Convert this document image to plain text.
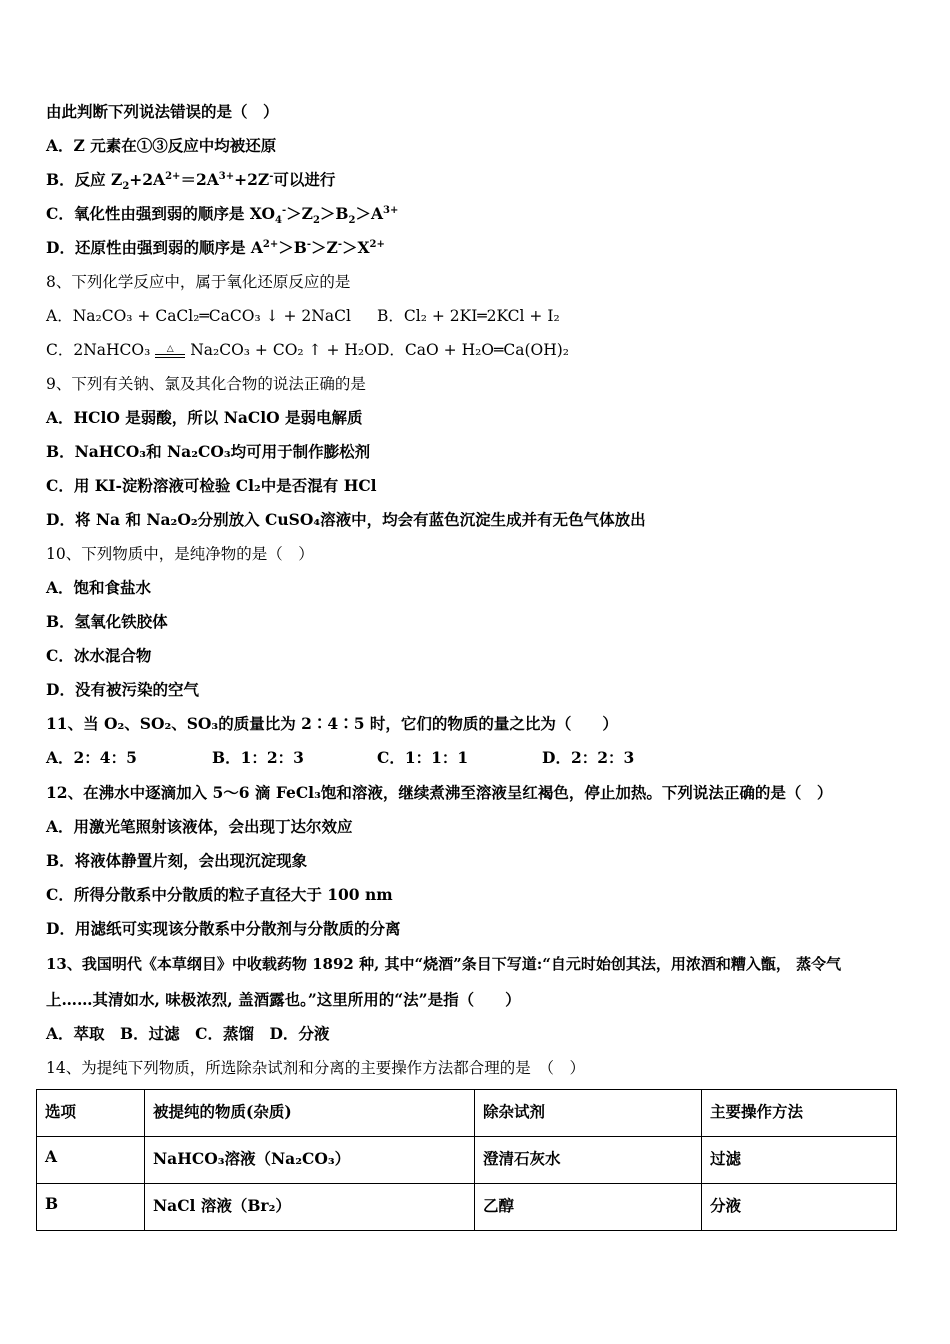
由此判断下列说法错误的是（　）
A．Z 元素在①③反应中均被还原
B．反应 $Z_2+2A^{2+}=2A^{3+}+2Z^-$可以进行
C．氧化性由强到弱的顺序是 $XO_4^->Z_2>B_2>A^{3+}$
D．还原性由强到弱的顺序是 $A^{2+}>B^->Z^->X^{2+}$
8、下列化学反应中，属于氧化还原反应的是
A．Na₂CO₃ + CaCl₂═CaCO₃ ↓ + 2NaCl B．Cl₂ + 2KI═2KCl + I₂
C．2NaHCO₃	△	Na₂CO₃ + CO₂ ↑ + H₂O D．CaO + H₂O═Ca(OH)₂
9、下列有关钠、氯及其化合物的说法正确的是
A．HClO 是弱酸，所以 NaClO 是弱电解质
B．NaHCO₃和 Na₂CO₃均可用于制作膨松剂
C．用 KI-淀粉溶液可检验 Cl₂中是否混有 HCl
D．将 Na 和 Na₂O₂分别放入 CuSO₄溶液中，均会有蓝色沉淀生成并有无色气体放出
10、下列物质中，是纯净物的是（　）
A．饱和食盐水
B．氢氧化铁胶体
C．冰水混合物
D．没有被污染的空气
11、当 O₂、SO₂、SO₃的质量比为 2∶4∶5 时，它们的物质的量之比为（　　）
A．2：4：5	B．1：2：3	C．1：1：1	D．2：2：3
12、在沸水中逐滴加入 5～6 滴 FeCl₃饱和溶液，继续煮沸至溶液呈红褐色，停止加热。下列说法正确的是（　）
A．用激光笔照射该液体，会出现丁达尔效应
B．将液体静置片刻，会出现沉淀现象
C．所得分散系中分散质的粒子直径大于 100 nm
D．用滤纸可实现该分散系中分散剂与分散质的分离
13、我国明代《本草纲目》中收载药物 1892 种, 其中“烧酒”条目下写道:“自元时始创其法，用浓酒和糟入甑， 蒸令气
上……其清如水, 味极浓烈, 盖酒露也。”这里所用的“法”是指（　　）
A．萃取　B．过滤　C．蒸馏　D．分液
14、为提纯下列物质，所选除杂试剂和分离的主要操作方法都合理的是　（　）
选项	被提纯的物质(杂质)	除杂试剂	主要操作方法
A	NaHCO₃溶液（Na₂CO₃）	澄清石灰水	过滤
B	NaCl 溶液（Br₂）	乙醇	分液
